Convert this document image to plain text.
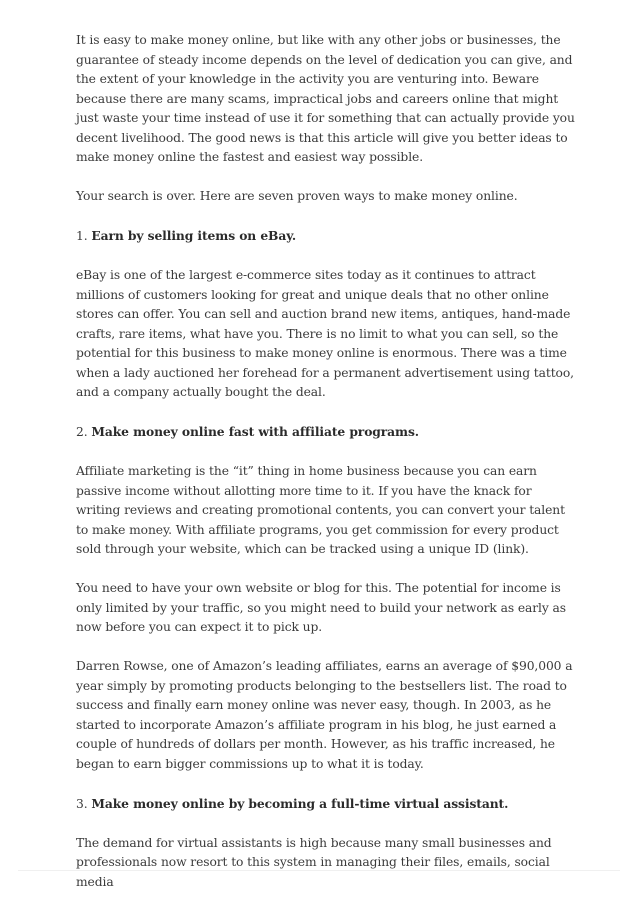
It is easy to make money online, but like with any other jobs or businesses, the guarantee of steady income depends on the level of dedication you can give, and the extent of your knowledge in the activity you are venturing into. Beware because there are many scams, impractical jobs and careers online that might just waste your time instead of use it for something that can actually provide you decent livelihood. The good news is that this article will give you better ideas to make money online the fastest and easiest way possible.

Your search is over. Here are seven proven ways to make money online.

1. Earn by selling items on eBay.

eBay is one of the largest e-commerce sites today as it continues to attract millions of customers looking for great and unique deals that no other online stores can offer. You can sell and auction brand new items, antiques, hand-made crafts, rare items, what have you. There is no limit to what you can sell, so the potential for this business to make money online is enormous. There was a time when a lady auctioned her forehead for a permanent advertisement using tattoo, and a company actually bought the deal.

2. Make money online fast with affiliate programs.

Affiliate marketing is the “it” thing in home business because you can earn passive income without allotting more time to it. If you have the knack for writing reviews and creating promotional contents, you can convert your talent to make money. With affiliate programs, you get commission for every product sold through your website, which can be tracked using a unique ID (link).

You need to have your own website or blog for this. The potential for income is only limited by your traffic, so you might need to build your network as early as now before you can expect it to pick up.

Darren Rowse, one of Amazon’s leading affiliates, earns an average of $90,000 a year simply by promoting products belonging to the bestsellers list. The road to success and finally earn money online was never easy, though. In 2003, as he started to incorporate Amazon’s affiliate program in his blog, he just earned a couple of hundreds of dollars per month. However, as his traffic increased, he began to earn bigger commissions up to what it is today.

3. Make money online by becoming a full-time virtual assistant.

The demand for virtual assistants is high because many small businesses and professionals now resort to this system in managing their files, emails, social media
